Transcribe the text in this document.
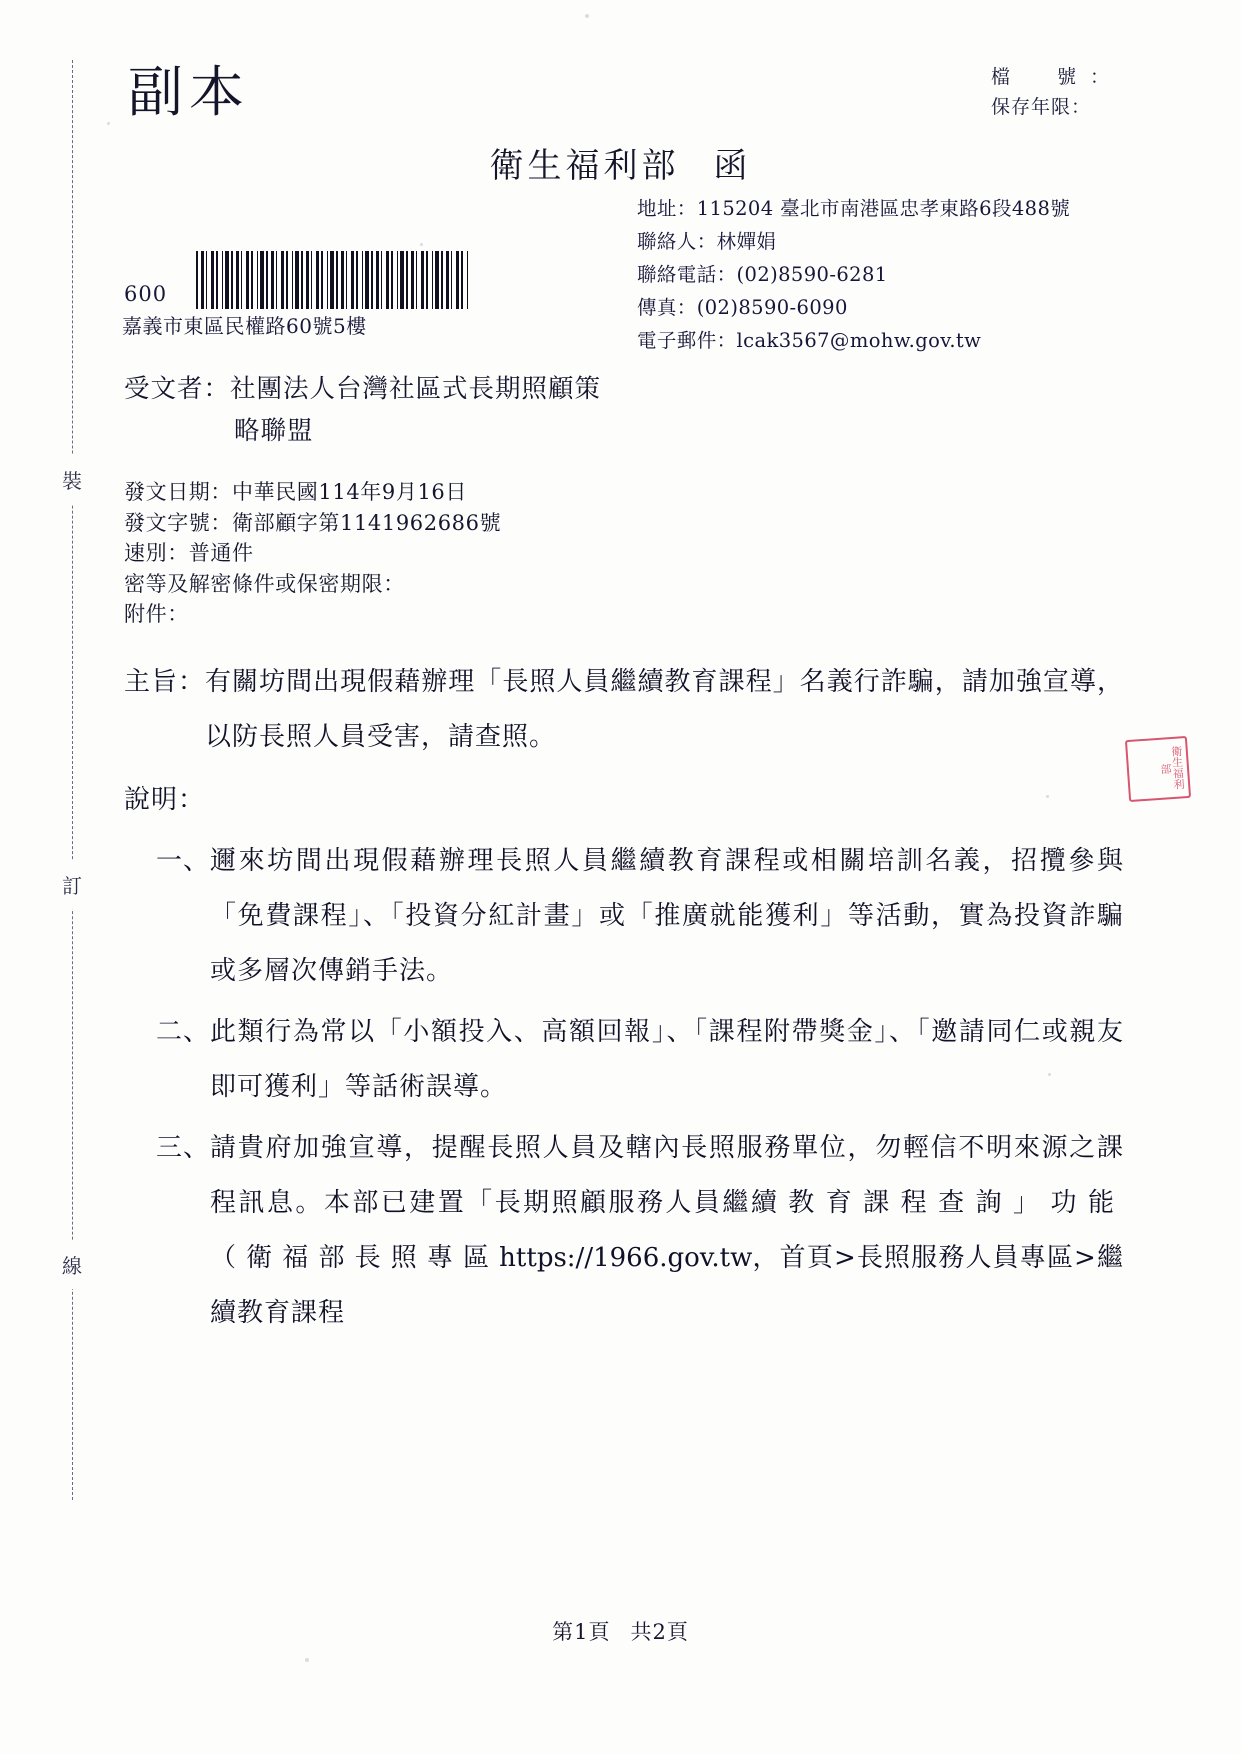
裝
訂
線
副本	檔　號：
保存年限：
衛生福利部 函
地址：115204 臺北市南港區忠孝東路6段488號
聯絡人：林嬋娟
聯絡電話：(02)8590-6281
傳真：(02)8590-6090
電子郵件：lcak3567@mohw.gov.tw
600
嘉義市東區民權路60號5樓
受文者：社團法人台灣社區式長期照顧策
略聯盟
發文日期：中華民國114年9月16日
發文字號：衛部顧字第1141962686號
速別：普通件
密等及解密條件或保密期限：
附件：
衛生福利部
主旨： 有關坊間出現假藉辦理「長照人員繼續教育課程」名義行詐騙，請加強宣導，以防長照人員受害，請查照。
說明：
一、 邇來坊間出現假藉辦理長照人員繼續教育課程或相關培訓名義，招攬參與「免費課程」、「投資分紅計畫」或「推廣就能獲利」等活動，實為投資詐騙或多層次傳銷手法。
二、 此類行為常以「小額投入、高額回報」、「課程附帶獎金」、「邀請同仁或親友即可獲利」等話術誤導。
三、 請貴府加強宣導，提醒長照人員及轄內長照服務單位，勿輕信不明來源之課程訊息。本部已建置「長期照顧服務人員繼續教育課程查詢」功能（衛福部長照專區https://1966.gov.tw，首頁>長照服務人員專區>繼續教育課程
第1頁 共2頁
